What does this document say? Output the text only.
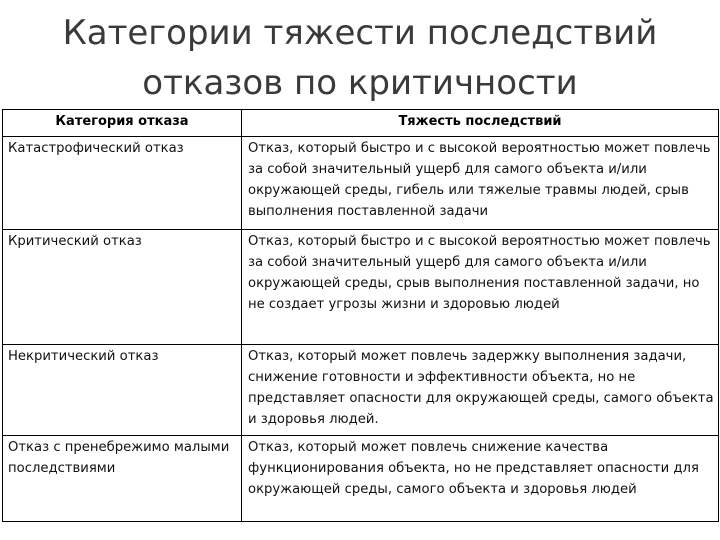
Категории тяжести последствий
отказов по критичности
Категория отказа	Тяжесть последствий
Катастрофический отказ	Отказ, который быстро и с высокой вероятностью может повлечь за собой значительный ущерб для самого объекта и/или окружающей среды, гибель или тяжелые травмы людей, срыв выполнения поставленной задачи
Критический отказ	Отказ, который быстро и с высокой вероятностью может повлечь за собой значительный ущерб для самого объекта и/или окружающей среды, срыв выполнения поставленной задачи, но не создает угрозы жизни и здоровью людей
Некритический отказ	Отказ, который может повлечь задержку выполнения задачи, снижение готовности и эффективности объекта, но не представляет опасности для окружающей среды, самого объекта и здоровья людей.
Отказ с пренебрежимо малыми последствиями	Отказ, который может повлечь снижение качества функционирования объекта, но не представляет опасности для окружающей среды, самого объекта и здоровья людей
